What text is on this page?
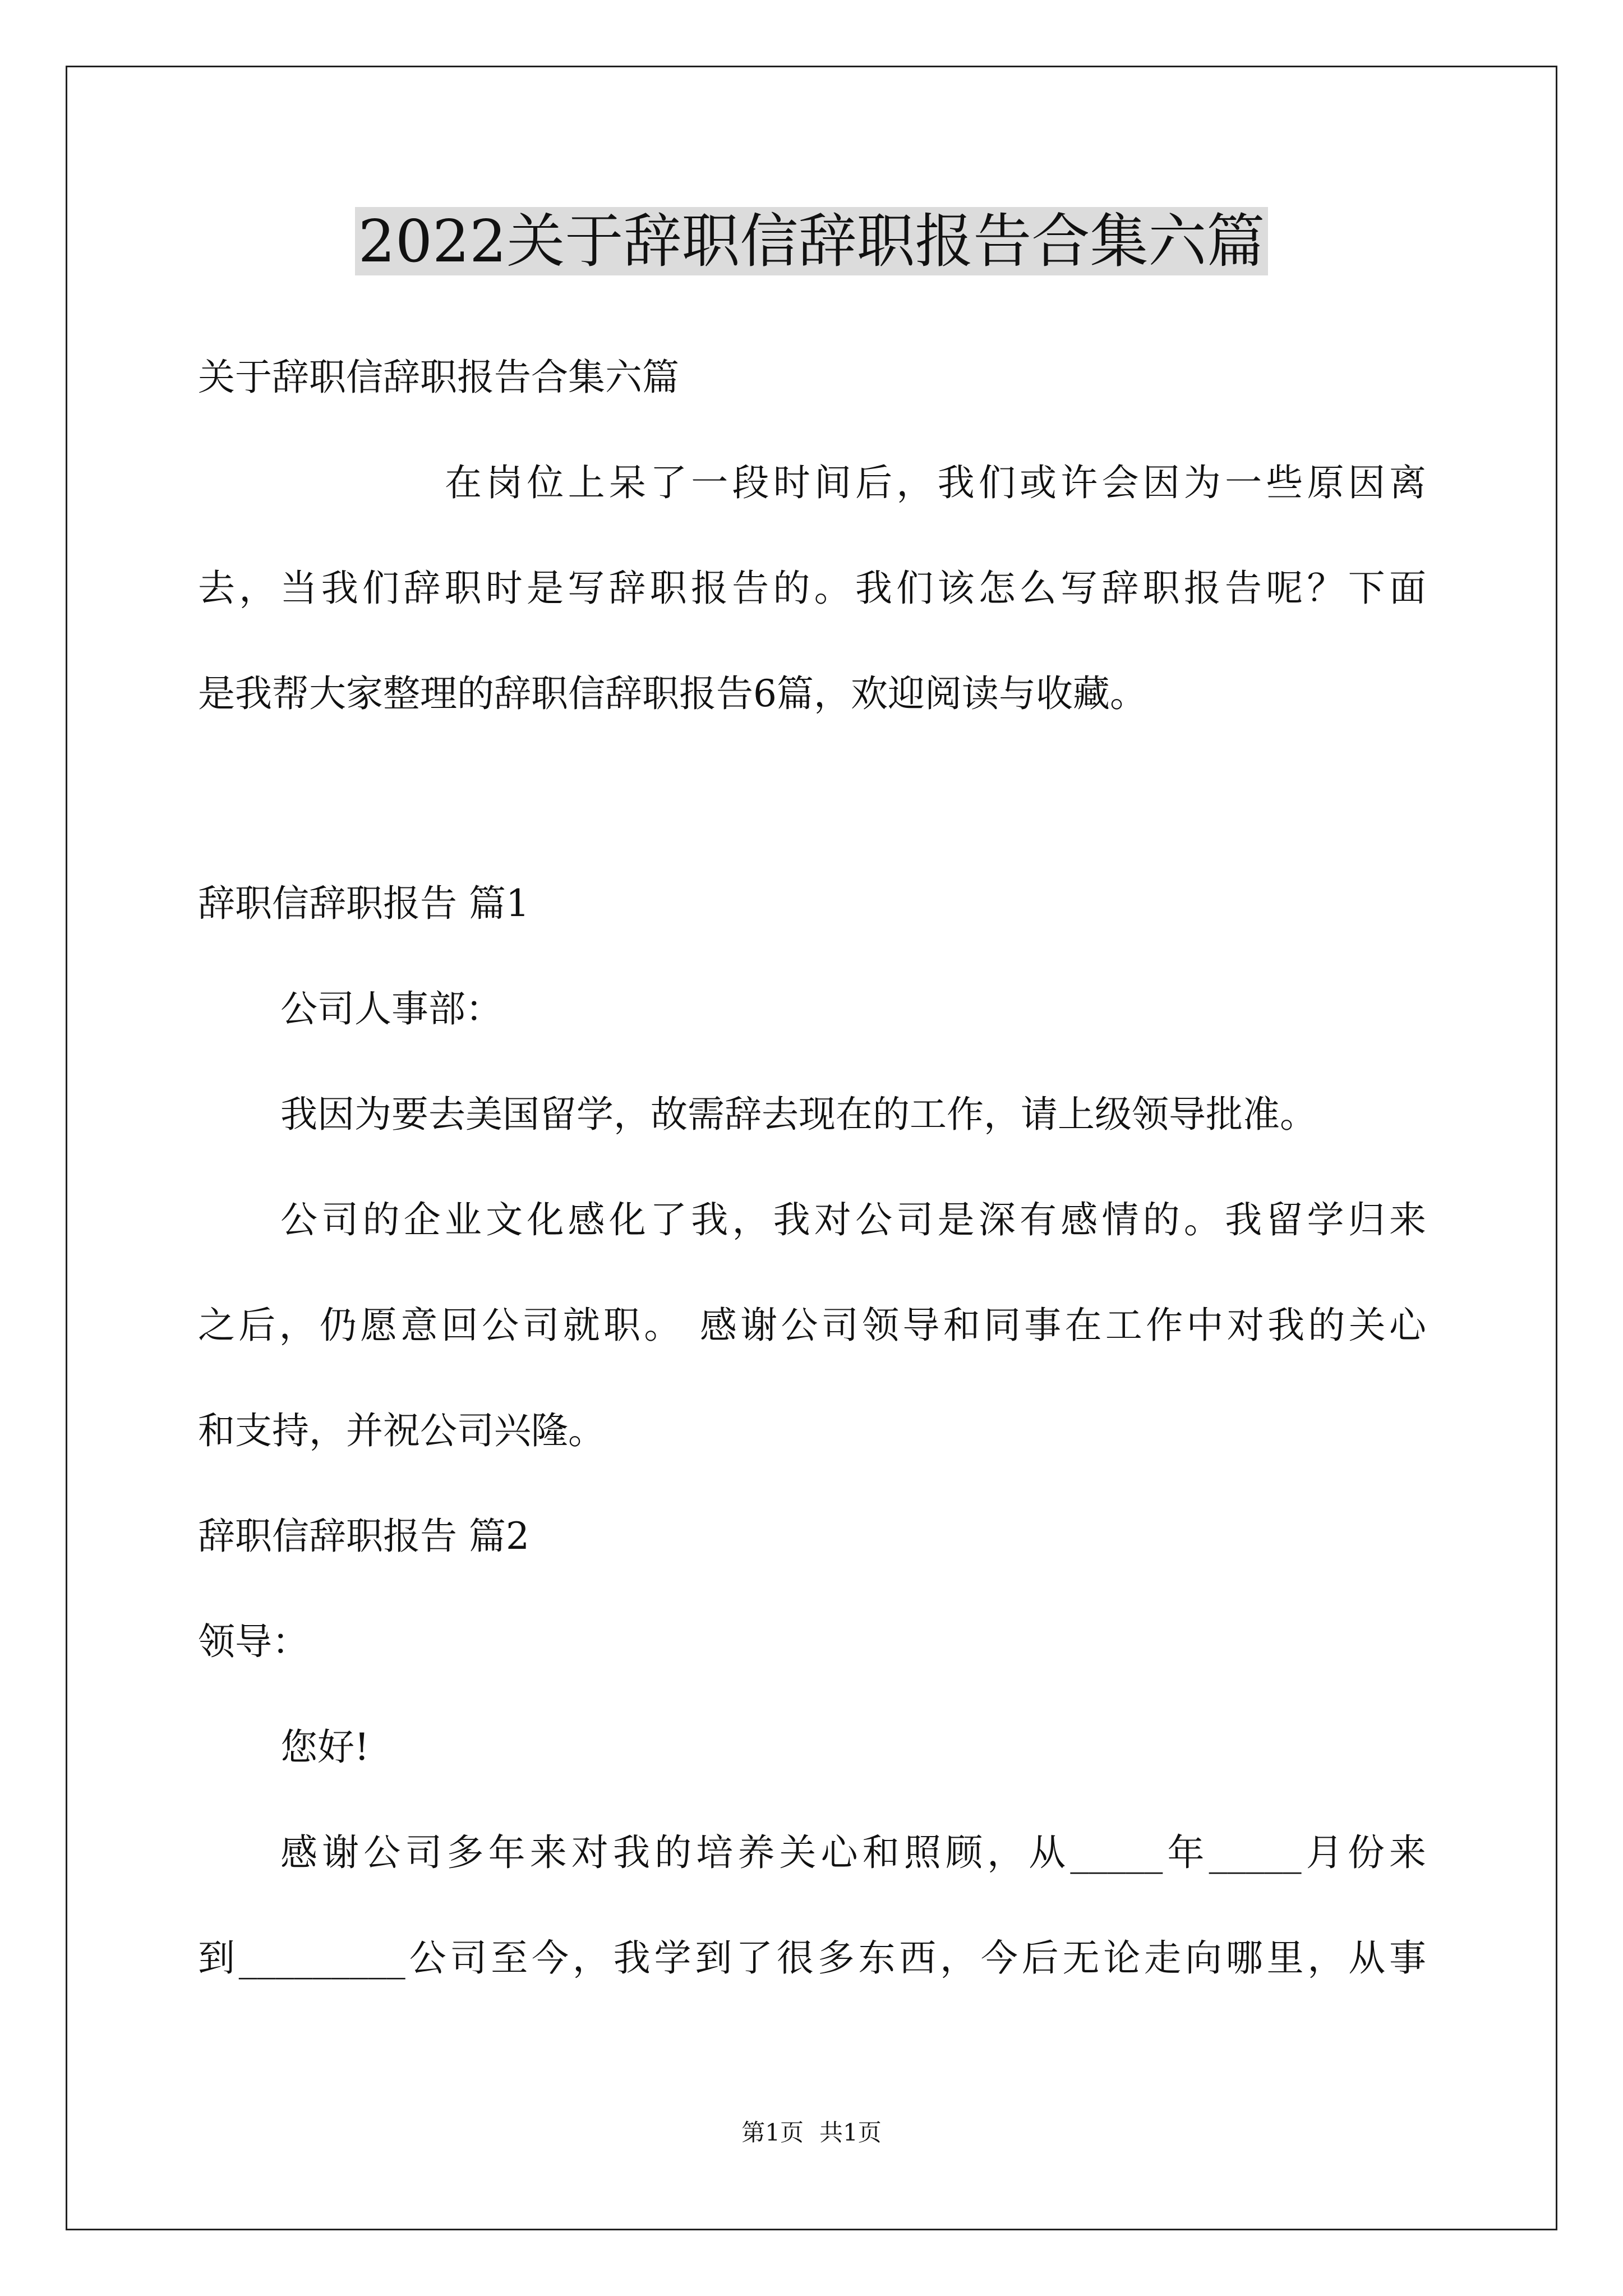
2022关于辞职信辞职报告合集六篇
关于辞职信辞职报告合集六篇
在岗位上呆了一段时间后，我们或许会因为一些原因离
去，当我们辞职时是写辞职报告的。我们该怎么写辞职报告呢？下面
是我帮大家整理的辞职信辞职报告6篇，欢迎阅读与收藏。
辞职信辞职报告 篇1
公司人事部：
我因为要去美国留学，故需辞去现在的工作，请上级领导批准。
公司的企业文化感化了我，我对公司是深有感情的。我留学归来
之后，仍愿意回公司就职。 感谢公司领导和同事在工作中对我的关心
和支持，并祝公司兴隆。
辞职信辞职报告 篇2
领导：
您好!
感谢公司多年来对我的培养关心和照顾，从_____年_____月份来
到_________公司至今，我学到了很多东西，今后无论走向哪里，从事
第1页 共1页
